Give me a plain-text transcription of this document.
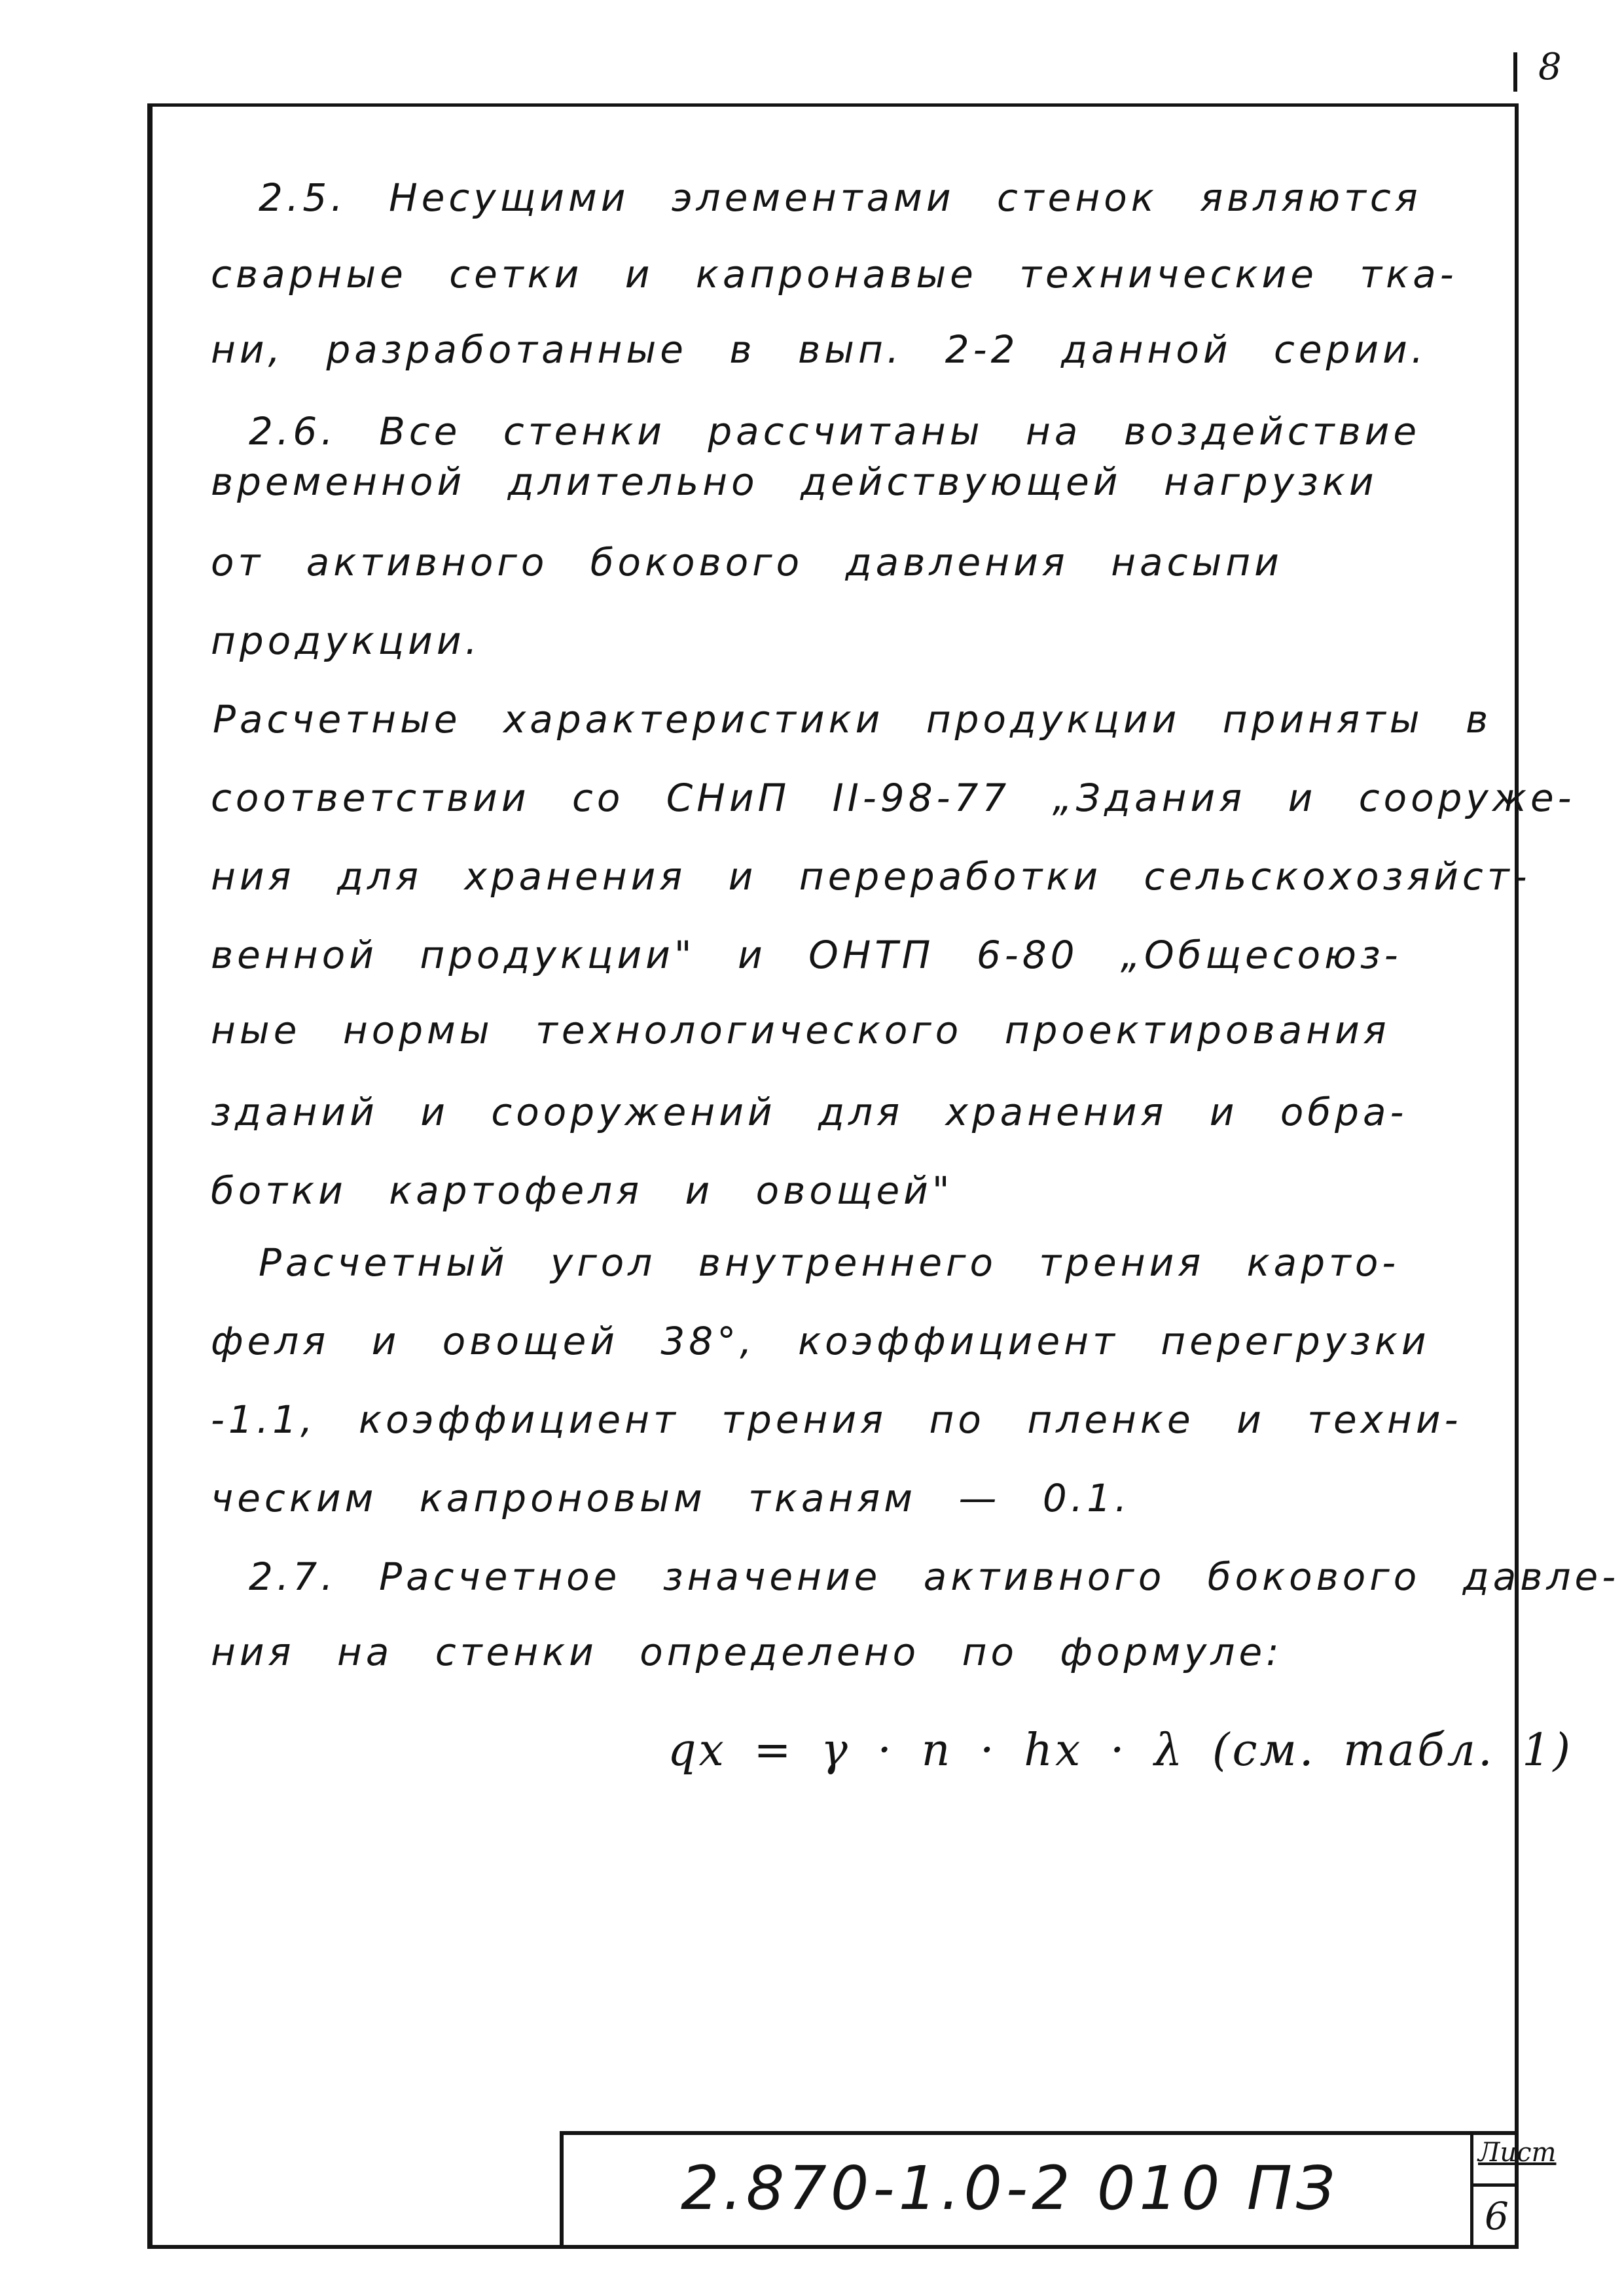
8
2.5. Несущими элементами стенок являются
сварные сетки и капронавые технические тка-
ни, разработанные в вып. 2-2 данной серии.
2.6. Все стенки рассчитаны на воздействие
временной длительно действующей нагрузки
от активного бокового давления насыпи
продукции.
Расчетные характеристики продукции приняты в
соответствии со СНиП II-98-77 „Здания и сооруже-
ния для хранения и переработки сельскохозяйст-
венной продукции" и ОНТП 6-80 „Общесоюз-
ные нормы технологического проектирования
зданий и сооружений для хранения и обра-
ботки картофеля и овощей"
Расчетный угол внутреннего трения карто-
феля и овощей 38°, коэффициент перегрузки
-1.1, коэффициент трения по пленке и техни-
ческим капроновым тканям — 0.1.
2.7. Расчетное значение активного бокового давле-
ния на стенки определено по формуле:
qx = γ · n · hx · λ (см. табл. 1)
2.870-1.0-2 010 ПЗ
Лист
6
